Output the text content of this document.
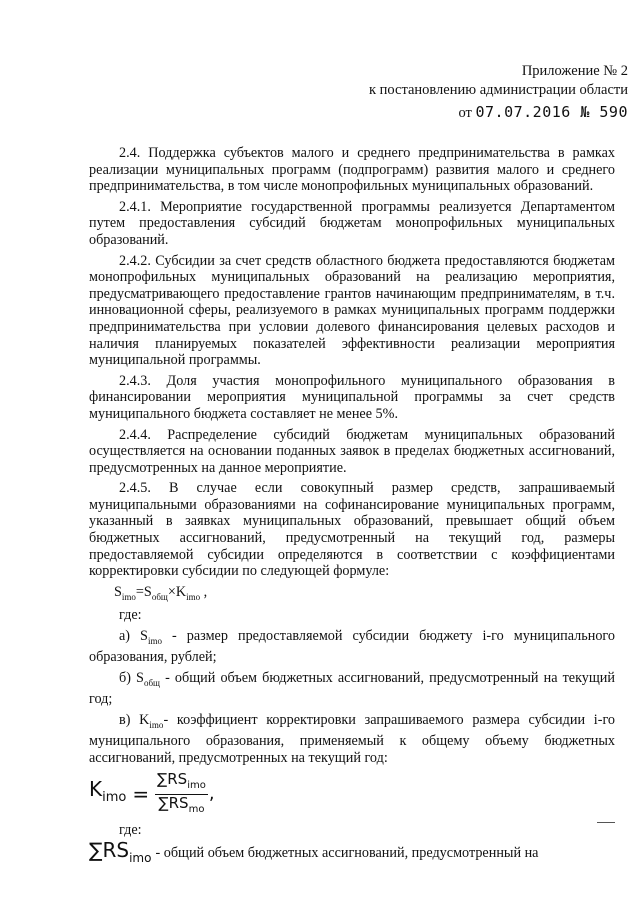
Приложение № 2
к постановлению администрации области
от 07.07.2016 № 590

2.4. Поддержка субъектов малого и среднего предпринимательства в рамках реализации муниципальных программ (подпрограмм) развития малого и среднего предпринимательства, в том числе монопрофильных муниципальных образований.

2.4.1. Мероприятие государственной программы реализуется Департаментом путем предоставления субсидий бюджетам монопрофильных муниципальных образований.

2.4.2. Субсидии за счет средств областного бюджета предоставляются бюджетам монопрофильных муниципальных образований на реализацию мероприятия, предусматривающего предоставление грантов начинающим предпринимателям, в т.ч. инновационной сферы, реализуемого в рамках муниципальных программ поддержки предпринимательства при условии долевого финансирования целевых расходов и наличия планируемых показателей эффективности реализации мероприятия муниципальной программы.

2.4.3. Доля участия монопрофильного муниципального образования в финансировании мероприятия муниципальной программы за счет средств муниципального бюджета составляет не менее 5%.

2.4.4. Распределение субсидий бюджетам муниципальных образований осуществляется на основании поданных заявок в пределах бюджетных ассигнований, предусмотренных на данное мероприятие.

2.4.5. В случае если совокупный размер средств, запрашиваемый муниципальными образованиями на софинансирование муниципальных программ, указанный в заявках муниципальных образований, превышает общий объем бюджетных ассигнований, предусмотренный на текущий год, размеры предоставляемой субсидии определяются в соответствии с коэффициентами корректировки субсидии по следующей формуле:

$S_{imo}=S_{общ}\times K_{imo}$ ,

где:

а) $S_{imo}$ - размер предоставляемой субсидии бюджету i-го муниципального образования, рублей;

б) $S_{общ}$ - общий объем бюджетных ассигнований, предусмотренный на текущий год;

в) $K_{imo}-$ коэффициент корректировки запрашиваемого размера субсидии i-го муниципального образования, применяемый к общему объему бюджетных ассигнований, предусмотренных на текущий год:

$K_{imo} = \frac{\sum RS_{imo}}{\sum RS_{mo}}$ ,

где:

$\sum RS_{imo}$ - общий объем бюджетных ассигнований, предусмотренный на
